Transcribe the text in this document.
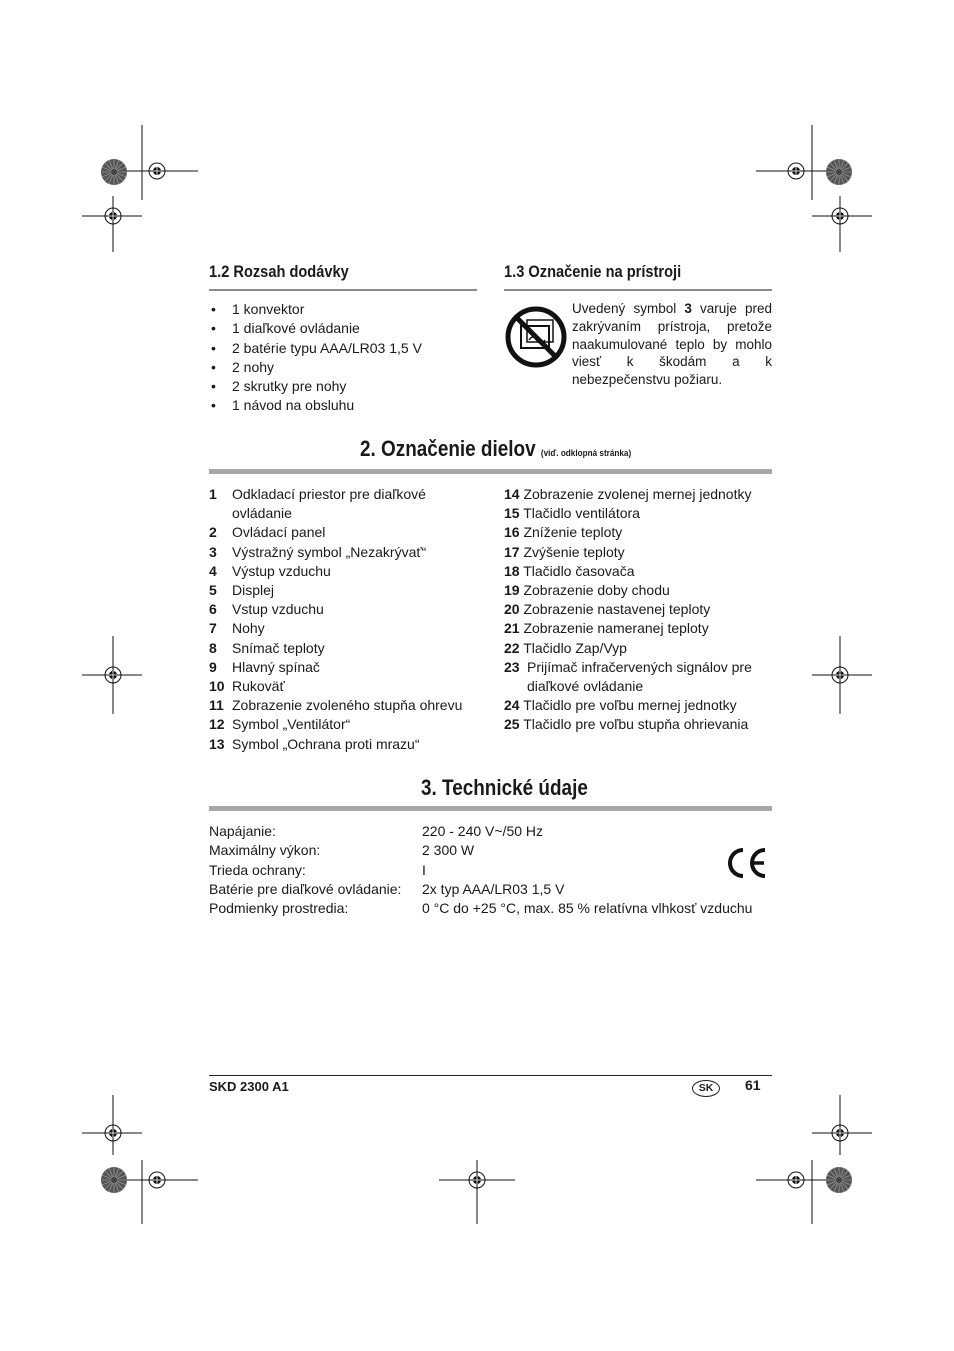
1.2 Rozsah dodávky
• 1 konvektor
• 1 diaľkové ovládanie
• 2 batérie typu AAA/LR03 1,5 V
• 2 nohy
• 2 skrutky pre nohy
• 1 návod na obsluhu
1.3 Označenie na prístroji
Uvedený symbol 3 varuje pred zakrývaním prístroja, pretože naakumulované teplo by mohlo viesť k škodám a k nebezpečenstvu požiaru.
2. Označenie dielov (viď. odklopná stránka)
1 Odkladací priestor pre diaľkové ovládanie
2 Ovládací panel
3 Výstražný symbol „Nezakrývať“
4 Výstup vzduchu
5 Displej
6 Vstup vzduchu
7 Nohy
8 Snímač teploty
9 Hlavný spínač
10 Rukoväť
11 Zobrazenie zvoleného stupňa ohrevu
12 Symbol „Ventilátor“
13 Symbol „Ochrana proti mrazu“
14 Zobrazenie zvolenej mernej jednotky
15 Tlačidlo ventilátora
16 Zníženie teploty
17 Zvýšenie teploty
18 Tlačidlo časovača
19 Zobrazenie doby chodu
20 Zobrazenie nastavenej teploty
21 Zobrazenie nameranej teploty
22 Tlačidlo Zap/Vyp
23 Prijímač infračervených signálov pre diaľkové ovládanie
24 Tlačidlo pre voľbu mernej jednotky
25 Tlačidlo pre voľbu stupňa ohrievania
3. Technické údaje
Napájanie:	220 - 240 V~/50 Hz
Maximálny výkon:	2 300 W
Trieda ochrany:	I
Batérie pre diaľkové ovládanie: 2x typ AAA/LR03 1,5 V
Podmienky prostredia:	0 °C do +25 °C, max. 85 % relatívna vlhkosť vzduchu
SKD 2300 A1	SK	61
